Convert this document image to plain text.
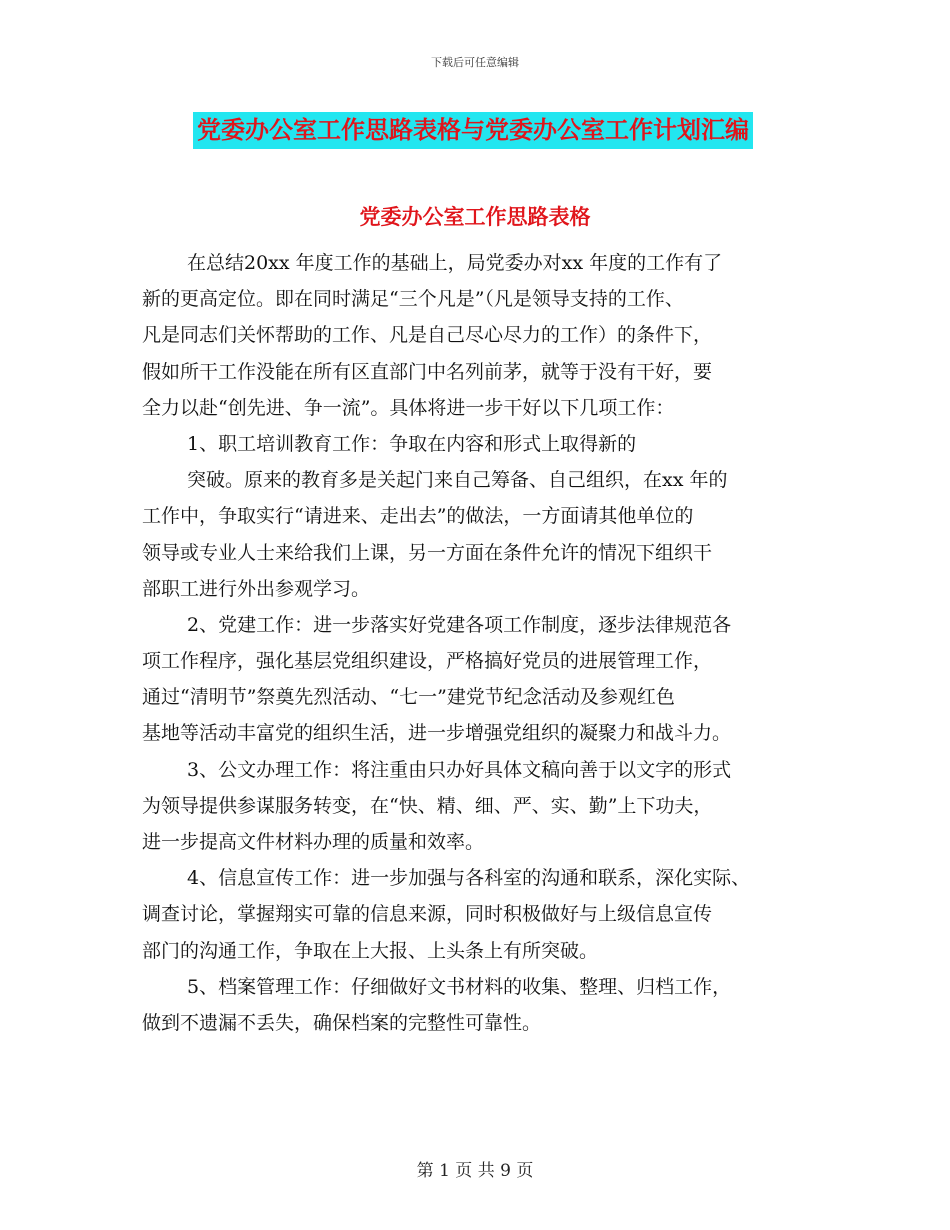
下载后可任意编辑
党委办公室工作思路表格与党委办公室工作计划汇编
党委办公室工作思路表格
在总结20xx 年度工作的基础上，局党委办对xx 年度的工作有了
新的更高定位。即在同时满足“三个凡是”（凡是领导支持的工作、
凡是同志们关怀帮助的工作、凡是自己尽心尽力的工作）的条件下，
假如所干工作没能在所有区直部门中名列前茅，就等于没有干好，要
全力以赴“创先进、争一流”。具体将进一步干好以下几项工作：
1、职工培训教育工作：争取在内容和形式上取得新的
突破。原来的教育多是关起门来自己筹备、自己组织，在xx 年的
工作中，争取实行“请进来、走出去”的做法，一方面请其他单位的
领导或专业人士来给我们上课，另一方面在条件允许的情况下组织干
部职工进行外出参观学习。
2、党建工作：进一步落实好党建各项工作制度，逐步法律规范各
项工作程序，强化基层党组织建设，严格搞好党员的进展管理工作，
通过“清明节”祭奠先烈活动、“七一”建党节纪念活动及参观红色
基地等活动丰富党的组织生活，进一步增强党组织的凝聚力和战斗力。
3、公文办理工作：将注重由只办好具体文稿向善于以文字的形式
为领导提供参谋服务转变，在“快、精、细、严、实、勤”上下功夫，
进一步提高文件材料办理的质量和效率。
4、信息宣传工作：进一步加强与各科室的沟通和联系，深化实际、
调查讨论，掌握翔实可靠的信息来源，同时积极做好与上级信息宣传
部门的沟通工作，争取在上大报、上头条上有所突破。
5、档案管理工作：仔细做好文书材料的收集、整理、归档工作，
做到不遗漏不丢失，确保档案的完整性可靠性。
第 1 页 共 9 页
